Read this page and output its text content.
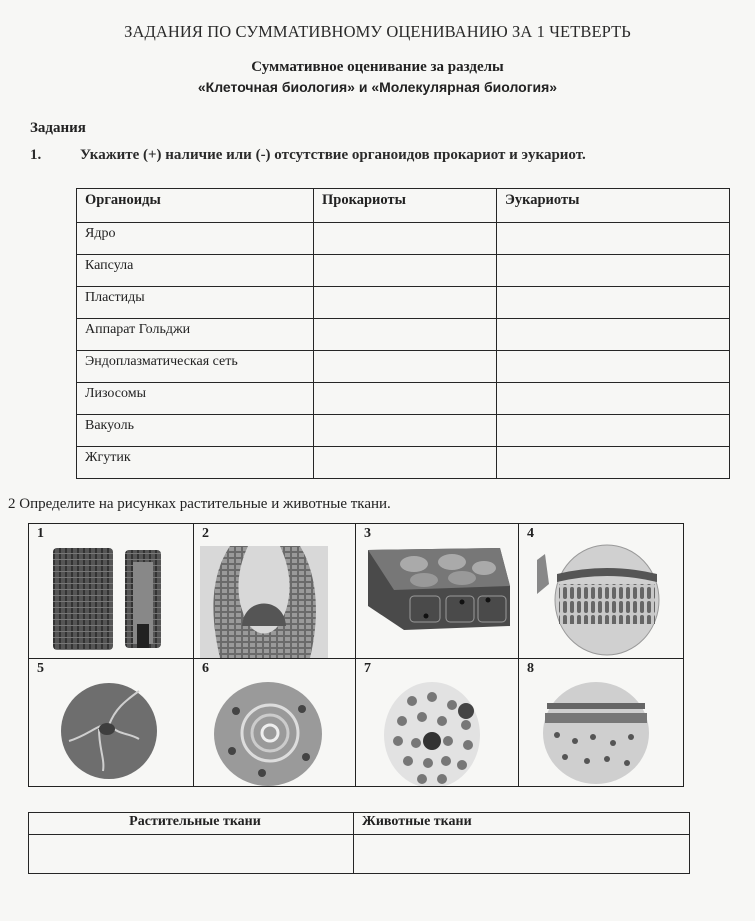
ЗАДАНИЯ ПО СУММАТИВНОМУ ОЦЕНИВАНИЮ ЗА 1 ЧЕТВЕРТЬ
Суммативное оценивание за разделы
«Клеточная биология» и «Молекулярная биология»
Задания
1.	Укажите (+) наличие или (-) отсутствие органоидов прокариот и эукариот.
Органоиды	Прокариоты	Эукариоты
Ядро		
Капсула		
Пластиды		
Аппарат Гольджи		
Эндоплазматическая сеть		
Лизосомы		
Вакуоль		
Жгутик		
2 Определите на рисунках растительные и животные ткани.
1	2	3	4
5	6	7	8
Растительные ткани	Животные ткани
